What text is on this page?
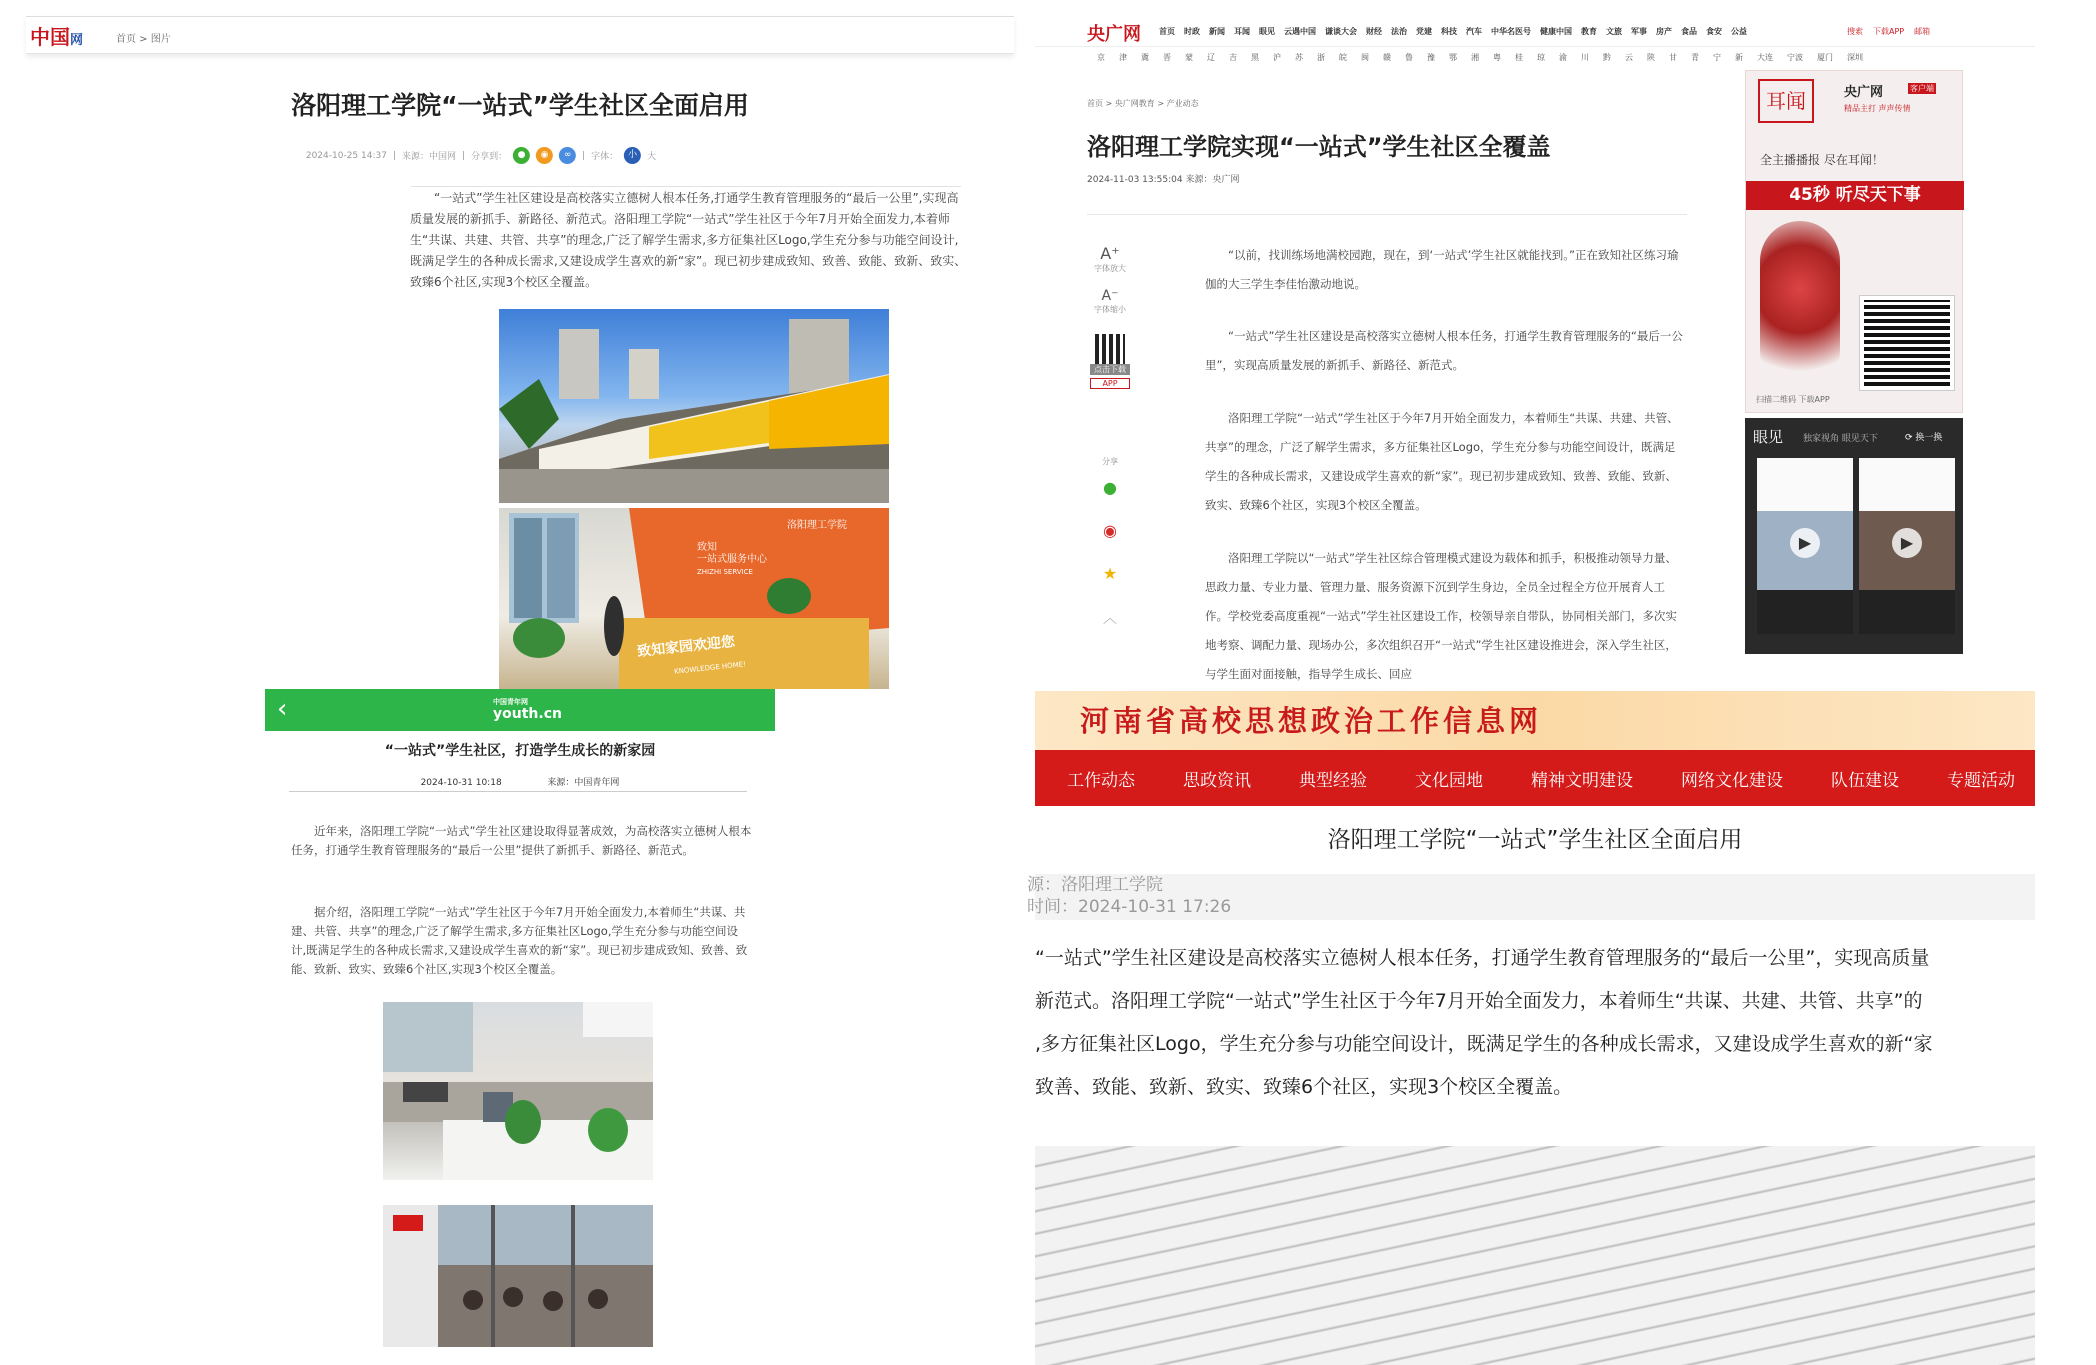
中国网	首页 > 图片
洛阳理工学院“一站式”学生社区全面启用
2024-10-25 14:37 | 来源：中国网 | 分享到：	●	◉	∞	| 字体：	小	大
“一站式”学生社区建设是高校落实立德树人根本任务,打通学生教育管理服务的“最后一公里”,实现高质量发展的新抓手、新路径、新范式。洛阳理工学院“一站式”学生社区于今年7月开始全面发力,本着师生“共谋、共建、共管、共享”的理念,广泛了解学生需求,多方征集社区Logo,学生充分参与功能空间设计,既满足学生的各种成长需求,又建设成学生喜欢的新“家”。现已初步建成致知、致善、致能、致新、致实、致臻6个社区,实现3个校区全覆盖。
洛阳理工学院
致知
一站式服务中心
ZHIZHI SERVICE
致知家园欢迎您
KNOWLEDGE HOME!
‹	中国青年网
youth.cn
“一站式”学生社区，打造学生成长的新家园
2024-10-31 10:18	来源：中国青年网
近年来，洛阳理工学院“一站式”学生社区建设取得显著成效，为高校落实立德树人根本任务，打通学生教育管理服务的“最后一公里”提供了新抓手、新路径、新范式。
据介绍，洛阳理工学院“一站式”学生社区于今年7月开始全面发力,本着师生“共谋、共建、共管、共享”的理念,广泛了解学生需求,多方征集社区Logo,学生充分参与功能空间设计,既满足学生的各种成长需求,又建设成学生喜欢的新“家”。现已初步建成致知、致善、致能、致新、致实、致臻6个社区,实现3个校区全覆盖。
央广网 首页 时政 新闻 耳闻 眼见 云遇中国 谦谈大会 财经 法治 党建 科技 汽车 中华名医号 健康中国 教育 文旅 军事 房产 食品 食安 公益	搜索 下载APP 邮箱
京 津 冀 晋 蒙 辽 吉 黑 沪 苏 浙 皖 闽 赣 鲁 豫 鄂 湘 粤 桂 琼 渝 川 黔 云 陕 甘 青 宁 新 大连 宁波 厦门 深圳
首页 > 央广网教育 > 产业动态
洛阳理工学院实现“一站式”学生社区全覆盖
2024-11-03 13:55:04 来源：央广网
A⁺
字体放大
A⁻
字体缩小
点击下载
APP
分享
●
◉
★
︿
“以前，找训练场地满校园跑，现在，到‘一站式’学生社区就能找到。”正在致知社区练习瑜伽的大三学生李佳怡激动地说。
“一站式”学生社区建设是高校落实立德树人根本任务，打通学生教育管理服务的“最后一公里”，实现高质量发展的新抓手、新路径、新范式。
洛阳理工学院“一站式”学生社区于今年7月开始全面发力，本着师生“共谋、共建、共管、共享”的理念，广泛了解学生需求，多方征集社区Logo，学生充分参与功能空间设计，既满足学生的各种成长需求，又建设成学生喜欢的新“家”。现已初步建成致知、致善、致能、致新、致实、致臻6个社区，实现3个校区全覆盖。
洛阳理工学院以“一站式”学生社区综合管理模式建设为载体和抓手，积极推动领导力量、思政力量、专业力量、管理力量、服务资源下沉到学生身边，全员全过程全方位开展育人工作。学校党委高度重视“一站式”学生社区建设工作，校领导亲自带队，协同相关部门，多次实地考察、调配力量、现场办公，多次组织召开“一站式”学生社区建设推进会，深入学生社区，与学生面对面接触，指导学生成长、回应
耳闻	央广网	客户端
精品主打 声声传情
全主播播报 尽在耳闻！
45秒 听尽天下事
扫描二维码 下载APP
眼见 独家视角 眼见天下	⟳ 换一换
▶	▶
河南省高校思想政治工作信息网
工作动态	思政资讯	典型经验	文化园地	精神文明建设	网络文化建设	队伍建设	专题活动	思
洛阳理工学院“一站式”学生社区全面启用
源：洛阳理工学院
时间：2024-10-31 17:26
“一站式”学生社区建设是高校落实立德树人根本任务，打通学生教育管理服务的“最后一公里”，实现高质量
新范式。洛阳理工学院“一站式”学生社区于今年7月开始全面发力，本着师生“共谋、共建、共管、共享”的
,多方征集社区Logo，学生充分参与功能空间设计，既满足学生的各种成长需求，又建设成学生喜欢的新“家
致善、致能、致新、致实、致臻6个社区，实现3个校区全覆盖。
